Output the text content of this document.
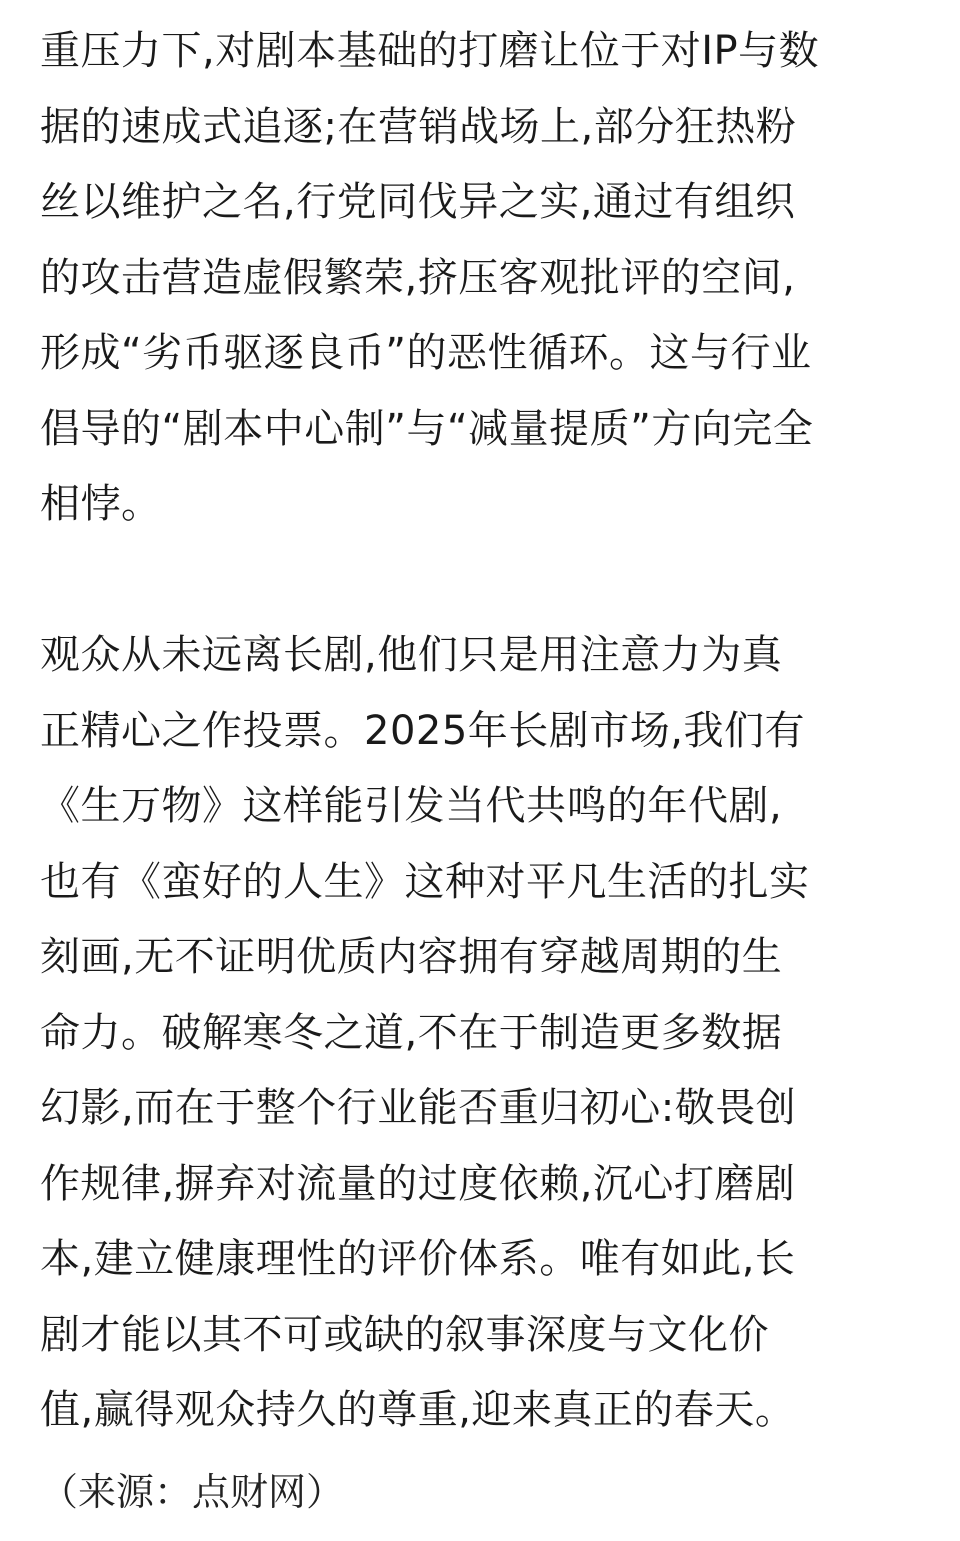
重压力下,对剧本基础的打磨让位于对IP与数
据的速成式追逐;在营销战场上,部分狂热粉
丝以维护之名,行党同伐异之实,通过有组织
的攻击营造虚假繁荣,挤压客观批评的空间,
形成“劣币驱逐良币”的恶性循环。这与行业
倡导的“剧本中心制”与“减量提质”方向完全
相悖。
观众从未远离长剧,他们只是用注意力为真
正精心之作投票。2025年长剧市场,我们有
《生万物》这样能引发当代共鸣的年代剧,
也有《蛮好的人生》这种对平凡生活的扎实
刻画,无不证明优质内容拥有穿越周期的生
命力。破解寒冬之道,不在于制造更多数据
幻影,而在于整个行业能否重归初心:敬畏创
作规律,摒弃对流量的过度依赖,沉心打磨剧
本,建立健康理性的评价体系。唯有如此,长
剧才能以其不可或缺的叙事深度与文化价
值,赢得观众持久的尊重,迎来真正的春天。
（来源：点财网）
